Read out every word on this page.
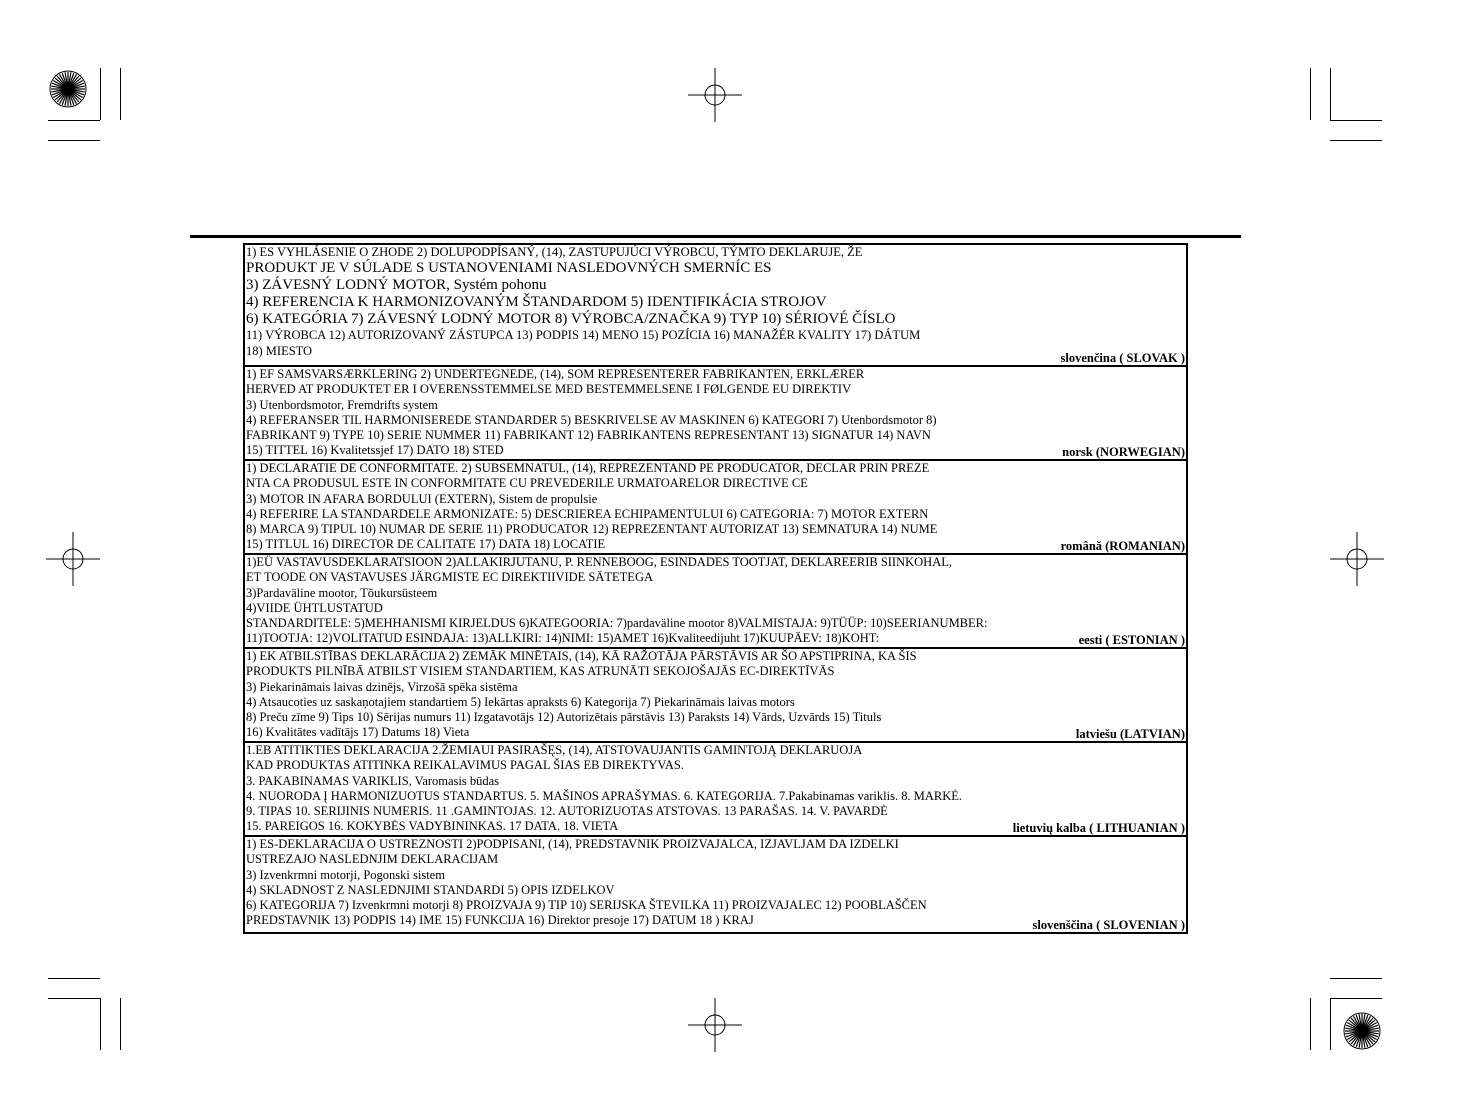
1) ES VYHLÁSENIE O ZHODE 2) DOLUPODPÍSANÝ, (14), ZASTUPUJÚCI VÝROBCU, TÝMTO DEKLARUJE, ŽE
PRODUKT JE V SÚLADE S USTANOVENIAMI NASLEDOVNÝCH SMERNÍC ES
3) ZÁVESNÝ LODNÝ MOTOR, Systém pohonu
4) REFERENCIA K HARMONIZOVANÝM ŠTANDARDOM 5) IDENTIFIKÁCIA STROJOV
6) KATEGÓRIA 7) ZÁVESNÝ LODNÝ MOTOR 8) VÝROBCA/ZNAČKA 9) TYP 10) SÉRIOVÉ ČÍSLO
11) VÝROBCA 12) AUTORIZOVANÝ ZÁSTUPCA 13) PODPIS 14) MENO 15) POZÍCIA 16) MANAŽÉR KVALITY 17) DÁTUM
18) MIESTO
slovenčina ( SLOVAK )
1) EF SAMSVARSÆRKLERING 2) UNDERTEGNEDE, (14), SOM REPRESENTERER FABRIKANTEN, ERKLÆRER
HERVED AT PRODUKTET ER I OVERENSSTEMMELSE MED BESTEMMELSENE I FØLGENDE EU DIREKTIV
3) Utenbordsmotor, Fremdrifts system
4) REFERANSER TIL HARMONISEREDE STANDARDER 5) BESKRIVELSE AV MASKINEN 6) KATEGORI 7) Utenbordsmotor 8)
FABRIKANT 9) TYPE 10) SERIE NUMMER 11) FABRIKANT 12) FABRIKANTENS REPRESENTANT 13) SIGNATUR 14) NAVN
15) TITTEL 16) Kvalitetssjef 17) DATO 18) STED	norsk (NORWEGIAN)
1) DECLARATIE DE CONFORMITATE. 2) SUBSEMNATUL, (14), REPREZENTAND PE PRODUCATOR, DECLAR PRIN PREZE
NTA CA PRODUSUL ESTE IN CONFORMITATE CU PREVEDERILE URMATOARELOR DIRECTIVE CE
3) MOTOR IN AFARA BORDULUI (EXTERN), Sistem de propulsie
4) REFERIRE LA STANDARDELE ARMONIZATE: 5) DESCRIEREA ECHIPAMENTULUI 6) CATEGORIA: 7) MOTOR EXTERN
8) MARCA 9) TIPUL 10) NUMAR DE SERIE 11) PRODUCATOR 12) REPREZENTANT AUTORIZAT 13) SEMNATURA 14) NUME
15) TITLUL 16) DIRECTOR DE CALITATE 17) DATA 18) LOCATIE	română (ROMANIAN)
1)EÜ VASTAVUSDEKLARATSIOON 2)ALLAKIRJUTANU, P. RENNEBOOG, ESINDADES TOOTJAT, DEKLAREERIB SIINKOHAL,
ET TOODE ON VASTAVUSES JÄRGMISTE EC DIREKTIIVIDE SÄTETEGA
3)Pardaväline mootor, Tõukursüsteem
4)VIIDE ÜHTLUSTATUD
STANDARDITELE: 5)MEHHANISMI KIRJELDUS 6)KATEGOORIA: 7)pardaväline mootor 8)VALMISTAJA: 9)TÜÜP: 10)SEERIANUMBER:
11)TOOTJA: 12)VOLITATUD ESINDAJA: 13)ALLKIRI: 14)NIMI: 15)AMET 16)Kvaliteedijuht 17)KUUPÄEV: 18)KOHT:	eesti ( ESTONIAN )
1) EK ATBILSTĪBAS DEKLARĀCIJA 2) ZEMĀK MINĒTAIS, (14), KĀ RAŽOTĀJA PĀRSTĀVIS AR ŠO APSTIPRINA, KA ŠIS
PRODUKTS PILNĪBĀ ATBILST VISIEM STANDARTIEM, KAS ATRUNĀTI SEKOJOŠAJĀS EC-DIREKTĪVĀS
3) Piekarināmais laivas dzinējs, Virzošā spēka sistēma
4) Atsaucoties uz saskaņotajiem standartiem 5) Iekārtas apraksts 6) Kategorija 7) Piekarināmais laivas motors
8) Preču zīme 9) Tips 10) Sērijas numurs 11) Izgatavotājs 12) Autorizētais pārstāvis 13) Paraksts 14) Vārds, Uzvārds 15) Tituls
16) Kvalitātes vadītājs 17) Datums 18) Vieta	latviešu (LATVIAN)
1.EB ATITIKTIES DEKLARACIJA 2.ŽEMIAUI PASIRAŠĘS, (14), ATSTOVAUJANTIS GAMINTOJĄ DEKLARUOJA
KAD PRODUKTAS ATITINKA REIKALAVIMUS PAGAL ŠIAS EB DIREKTYVAS.
3. PAKABINAMAS VARIKLIS, Varomasis būdas
4. NUORODA Į HARMONIZUOTUS STANDARTUS. 5. MAŠINOS APRAŠYMAS. 6. KATEGORIJA. 7.Pakabinamas variklis. 8. MARKĖ.
9. TIPAS 10. SERIJINIS NUMERIS. 11 .GAMINTOJAS. 12. AUTORIZUOTAS ATSTOVAS. 13 PARAŠAS. 14. V. PAVARDĖ
15. PAREIGOS 16. KOKYBĖS VADYBININKAS. 17 DATA. 18. VIETA	lietuvių kalba ( LITHUANIAN )
1) ES-DEKLARACIJA O USTREZNOSTI 2)PODPISANI, (14), PREDSTAVNIK PROIZVAJALCA, IZJAVLJAM DA IZDELKI
USTREZAJO NASLEDNJIM DEKLARACIJAM
3) Izvenkrmni motorji, Pogonski sistem
4) SKLADNOST Z NASLEDNJIMI STANDARDI 5) OPIS IZDELKOV
6) KATEGORIJA 7) Izvenkrmni motorji 8) PROIZVAJA 9) TIP 10) SERIJSKA ŠTEVILKA 11) PROIZVAJALEC 12) POOBLAŠČEN
PREDSTAVNIK 13) PODPIS 14) IME 15) FUNKCIJA 16) Direktor presoje 17) DATUM 18 ) KRAJ	slovenščina ( SLOVENIAN )
